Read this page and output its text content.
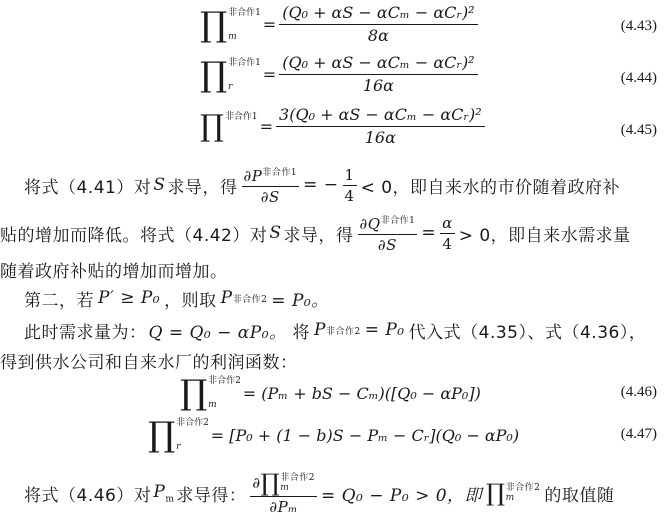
∏ 非合作1
m
= $\frac{\text{(Q₀ + αS − αCₘ − αCᵣ)²}}{8\alpha}$	(4.43)
∏ 非合作1
r
= $\frac{\text{(Q₀ + αS − αCₘ − αCᵣ)²}}{16\alpha}$	(4.44)
∏ 非合作1
= $\frac{\text{3(Q₀ + αS − αCₘ − αCᵣ)²}}{16\alpha}$	(4.45)
将式（4.41）对 S 求导，得 $\frac{\partial P^{非合作1}}{\partial S}$ = − $\frac{1}{4} < 0$，即自来水的市价随着政府补
贴的增加而降低。将式（4.42）对 S 求导，得 $\frac{\partial Q^{非合作1}}{\partial S} = \frac{\alpha}{4} > 0$，即自来水需求量
随着政府补贴的增加而增加。
第二，若 P′ ≥ P₀ ，则取 P 非合作2 = P₀。
此时需求量为： Q = Q₀ − αP₀。 将 P 非合作2 = P₀ 代入式（4.35）、式（4.36），
得到供水公司和自来水厂的利润函数：
∏ 非合作2
m
= (Pₘ + bS − Cₘ)([Q₀ − αP₀])	(4.46)
∏ 非合作2
r
= [P₀ + (1 − b)S − Pₘ − Cᵣ](Q₀ − αP₀)	(4.47)
将式（4.46）对 $P_m$ 求导得： ∂ ∏ 非合作2
m
∂Pₘ = Q₀ − P₀ > 0，即 ∏ 非合作2
m	的取值随
